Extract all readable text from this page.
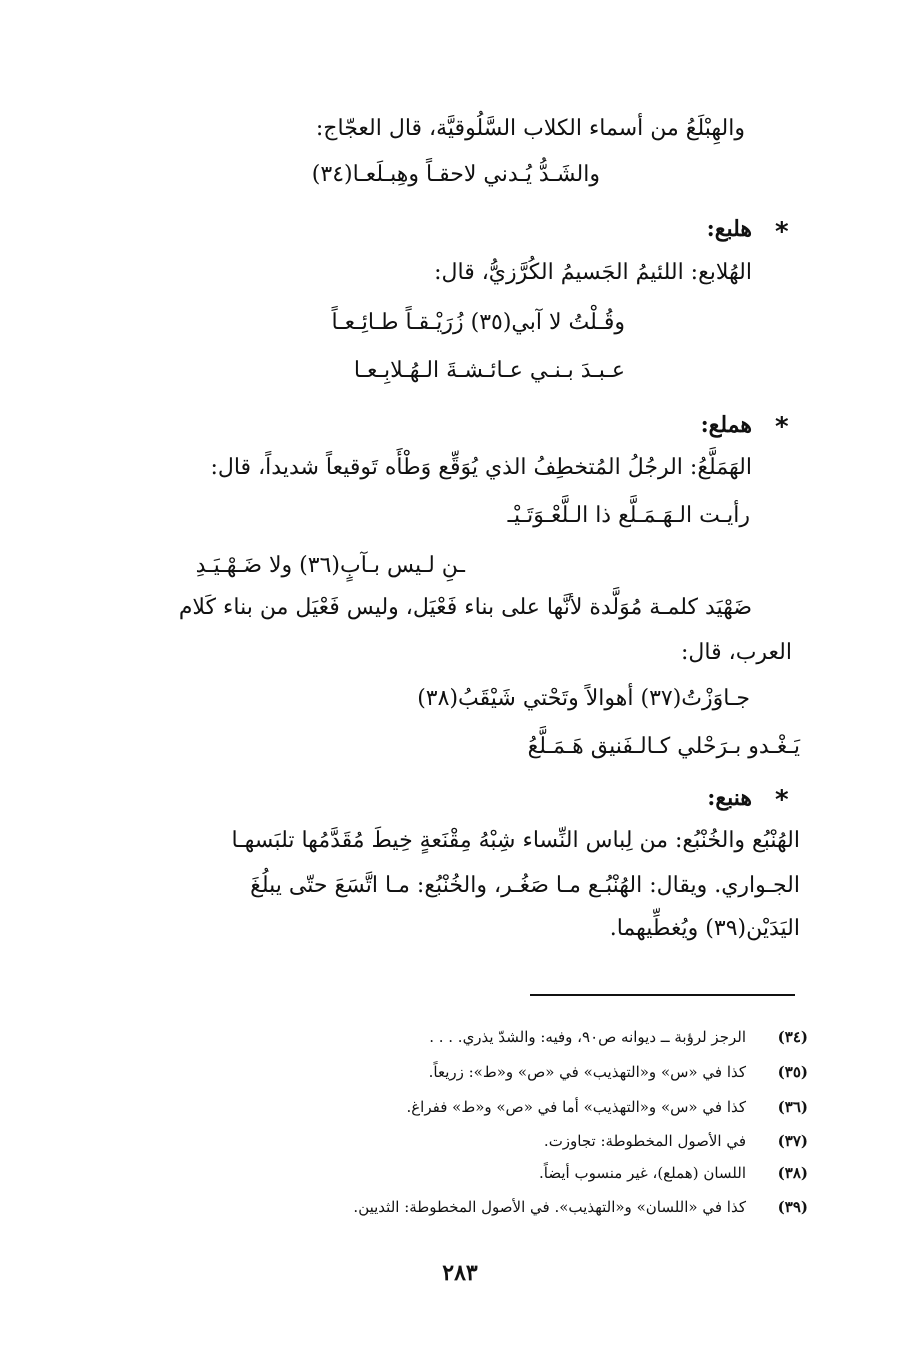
والهِبْلَعُ من أسماء الكلاب السَّلُوقيَّة، قال العجّاج:
والشَـدُّ يُـدني لاحقـاً وهِبـلَعـا(٣٤)
*
هلبع:
الهُلابع: اللئيمُ الجَسيمُ الكُرَّزيُّ، قال:
وقُـلْتُ لا آبي(٣٥) زُرَيْـقـاً طـائِـعـاً
عـبـدَ بـنـي عـائـشـةَ الـهُـلابِـعـا
*
هملع:
الهَمَلَّعُ: الرجُلُ المُتخطِفُ الذي يُوَقِّع وَطْأَه تَوقيعاً شديداً، قال:
رأيـت الـهَـمَـلَّع ذا الـلَّعْـوَتَـيْـ
ـنِ لـيس بـآبٍ(٣٦) ولا ضَـهْـيَـدِ
ضَهْيَد كلمـة مُوَلَّدة لأنَّها على بناء فَعْيَل، وليس فَعْيَل من بناء كَلام
العرب، قال:
جـاوَزْتُ(٣٧) أهوالاً وتَحْتي شَيْقَبُ(٣٨)
يَـغْـدو بـرَحْلي كـالـفَنيق هَـمَـلَّعُ
*
هنبع:
الهُنْبُع والخُنْبُع: من لِباس النِّساء شِبْهُ مِقْنَعةٍ خِيطَ مُقَدَّمُها تلبَسهـا
الجـواري. ويقال: الهُنْبُـع مـا صَغُـر، والخُنْبُع: مـا اتَّسَعَ حتّى يبلُغَ
اليَدَيْن(٣٩) ويُغطِّيهما.
(٣٤)
الرجز لرؤبة ــ ديوانه ص٩٠، وفيه: والشدّ يذري. . . .
(٣٥)
كذا في «س» و«التهذيب» في «ص» و«ط»: زريعاً.
(٣٦)
كذا في «س» و«التهذيب» أما في «ص» و«ط» ففراغ.
(٣٧)
في الأصول المخطوطة: تجاوزت.
(٣٨)
اللسان (هملع)، غير منسوب أيضاً.
(٣٩)
كذا في «اللسان» و«التهذيب». في الأصول المخطوطة: الثديين.
٢٨٣
